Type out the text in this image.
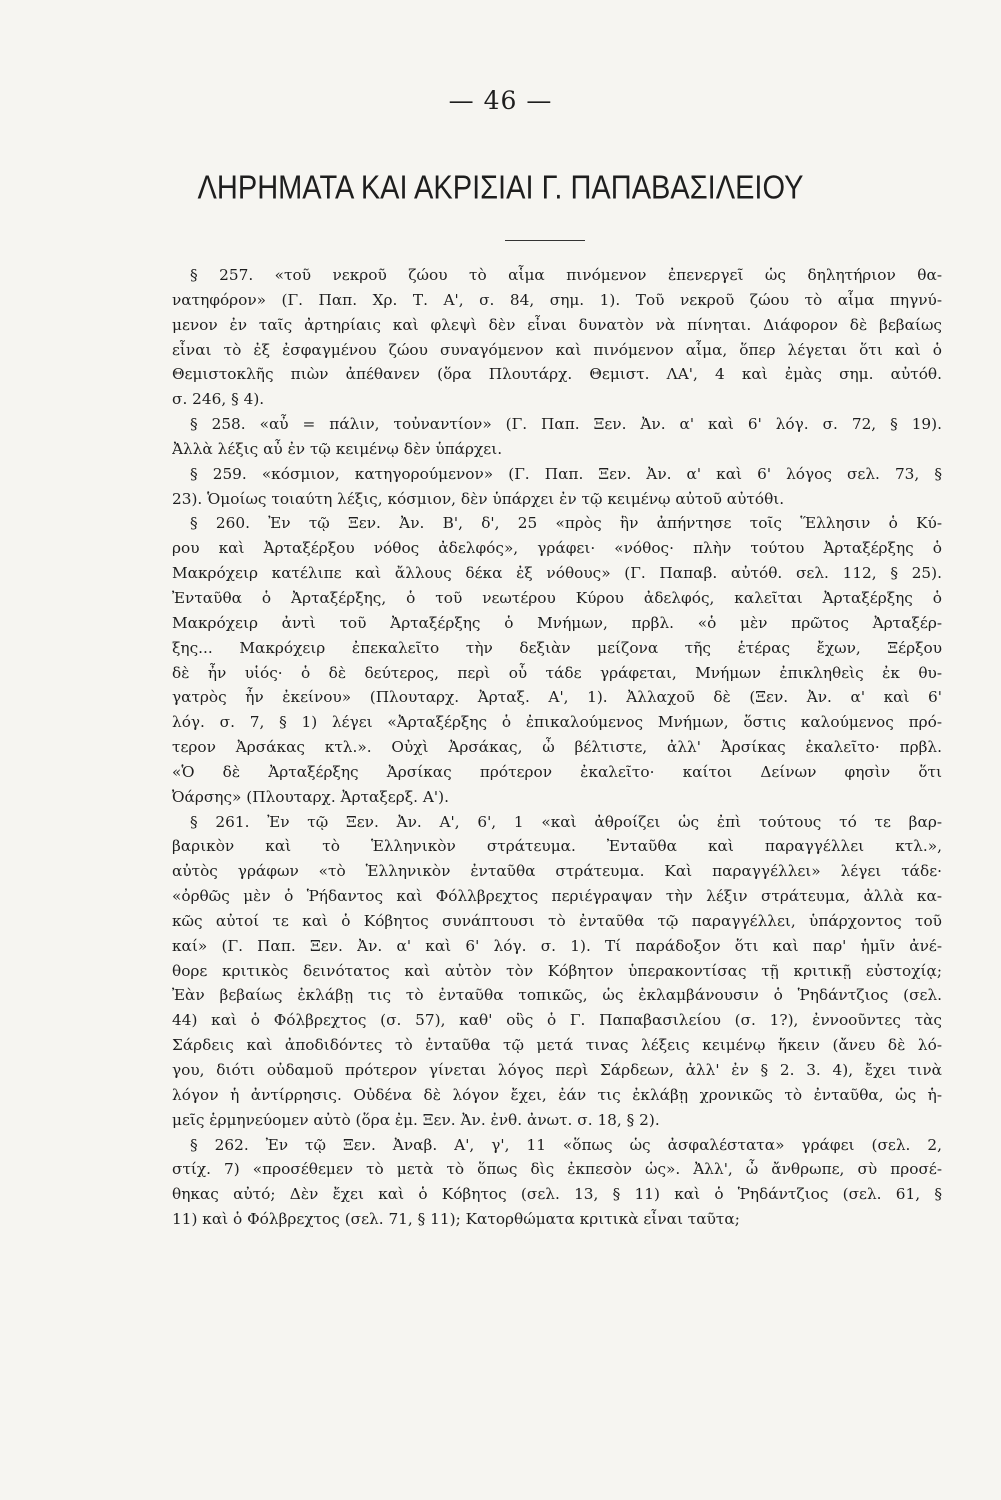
— 46 —
ΛΗΡΗΜΑΤΑ ΚΑΙ ΑΚΡΙΣΙΑΙ Γ. ΠΑΠΑΒΑΣΙΛΕΙΟΥ
§ 257. «τοῦ νεκροῦ ζώου τὸ αἷμα πινόμενον ἐπενεργεῖ ὡς δηλητήριον θα-
νατηφόρον» (Γ. Παπ. Χρ. Τ. Α', σ. 84, σημ. 1). Τοῦ νεκροῦ ζώου τὸ αἷμα πηγνύ-
μενον ἐν ταῖς ἀρτηρίαις καὶ φλεψὶ δὲν εἶναι δυνατὸν νὰ πίνηται. Διάφορον δὲ βεβαίως
εἶναι τὸ ἐξ ἐσφαγμένου ζώου συναγόμενον καὶ πινόμενον αἷμα, ὅπερ λέγεται ὅτι καὶ ὁ
Θεμιστοκλῆς πιὼν ἀπέθανεν (ὅρα Πλουτάρχ. Θεμιστ. ΛΑ', 4 καὶ ἐμὰς σημ. αὐτόθ.
σ. 246, § 4).
§ 258. «αὖ = πάλιν, τοὐναντίον» (Γ. Παπ. Ξεν. Ἀν. α' καὶ 6' λόγ. σ. 72, § 19).
Ἀλλὰ λέξις αὖ ἐν τῷ κειμένῳ δὲν ὑπάρχει.
§ 259. «κόσμιον, κατηγορούμενον» (Γ. Παπ. Ξεν. Ἀν. α' καὶ 6' λόγος σελ. 73, §
23). Ὁμοίως τοιαύτη λέξις, κόσμιον, δὲν ὑπάρχει ἐν τῷ κειμένῳ αὐτοῦ αὐτόθι.
§ 260. Ἐν τῷ Ξεν. Ἀν. Β', δ', 25 «πρὸς ἣν ἀπήντησε τοῖς Ἕλλησιν ὁ Κύ-
ρου καὶ Ἀρταξέρξου νόθος ἀδελφός», γράφει· «νόθος· πλὴν τούτου Ἀρταξέρξης ὁ
Μακρόχειρ κατέλιπε καὶ ἄλλους δέκα ἐξ νόθους» (Γ. Παπαβ. αὐτόθ. σελ. 112, § 25).
Ἐνταῦθα ὁ Ἀρταξέρξης, ὁ τοῦ νεωτέρου Κύρου ἀδελφός, καλεῖται Ἀρταξέρξης ὁ
Μακρόχειρ ἀντὶ τοῦ Ἀρταξέρξης ὁ Μνήμων, πρβλ. «ὁ μὲν πρῶτος Ἀρταξέρ-
ξης... Μακρόχειρ ἐπεκαλεῖτο τὴν δεξιὰν μείζονα τῆς ἑτέρας ἔχων, Ξέρξου
δὲ ἦν υἱός· ὁ δὲ δεύτερος, περὶ οὗ τάδε γράφεται, Μνήμων ἐπικληθεὶς ἐκ θυ-
γατρὸς ἦν ἐκείνου» (Πλουταρχ. Ἀρταξ. Α', 1). Ἀλλαχοῦ δὲ (Ξεν. Ἀν. α' καὶ 6'
λόγ. σ. 7, § 1) λέγει «Ἀρταξέρξης ὁ ἐπικαλούμενος Μνήμων, ὅστις καλούμενος πρό-
τερον Ἀρσάκας κτλ.». Οὐχὶ Ἀρσάκας, ὦ βέλτιστε, ἀλλ' Ἀρσίκας ἐκαλεῖτο· πρβλ.
«Ὁ δὲ Ἀρταξέρξης Ἀρσίκας πρότερον ἐκαλεῖτο· καίτοι Δείνων φησὶν ὅτι
Ὀάρσης» (Πλουταρχ. Ἀρταξερξ. Α').
§ 261. Ἐν τῷ Ξεν. Ἀν. Α', 6', 1 «καὶ ἀθροίζει ὡς ἐπὶ τούτους τό τε βαρ-
βαρικὸν καὶ τὸ Ἑλληνικὸν στράτευμα. Ἐνταῦθα καὶ παραγγέλλει κτλ.»,
αὐτὸς γράφων «τὸ Ἑλληνικὸν ἐνταῦθα στράτευμα. Καὶ παραγγέλλει» λέγει τάδε·
«ὀρθῶς μὲν ὁ Ῥήδαντος καὶ Φόλλβρεχτος περιέγραψαν τὴν λέξιν στράτευμα, ἀλλὰ κα-
κῶς αὐτοί τε καὶ ὁ Κόβητος συνάπτουσι τὸ ἐνταῦθα τῷ παραγγέλλει, ὑπάρχοντος τοῦ
καί» (Γ. Παπ. Ξεν. Ἀν. α' καὶ 6' λόγ. σ. 1). Τί παράδοξον ὅτι καὶ παρ' ἡμῖν ἀνέ-
θορε κριτικὸς δεινότατος καὶ αὐτὸν τὸν Κόβητον ὑπερακοντίσας τῇ κριτικῇ εὐστοχίᾳ;
Ἐὰν βεβαίως ἐκλάβῃ τις τὸ ἐνταῦθα τοπικῶς, ὡς ἐκλαμβάνουσιν ὁ Ῥηδάντζιος (σελ.
44) καὶ ὁ Φόλβρεχτος (σ. 57), καθ' οὓς ὁ Γ. Παπαβασιλείου (σ. 1?), ἐννοοῦντες τὰς
Σάρδεις καὶ ἀποδιδόντες τὸ ἐνταῦθα τῷ μετά τινας λέξεις κειμένῳ ἥκειν (ἄνευ δὲ λό-
γου, διότι οὐδαμοῦ πρότερον γίνεται λόγος περὶ Σάρδεων, ἀλλ' ἐν § 2. 3. 4), ἔχει τινὰ
λόγον ἡ ἀντίρρησις. Οὐδένα δὲ λόγον ἔχει, ἐάν τις ἐκλάβῃ χρονικῶς τὸ ἐνταῦθα, ὡς ἡ-
μεῖς ἑρμηνεύομεν αὐτὸ (ὅρα ἐμ. Ξεν. Ἀν. ἐνθ. ἀνωτ. σ. 18, § 2).
§ 262. Ἐν τῷ Ξεν. Ἀναβ. Α', γ', 11 «ὅπως ὡς ἀσφαλέστατα» γράφει (σελ. 2,
στίχ. 7) «προσέθεμεν τὸ μετὰ τὸ ὅπως δὶς ἐκπεσὸν ὡς». Ἀλλ', ὦ ἄνθρωπε, σὺ προσέ-
θηκας αὐτό; Δὲν ἔχει καὶ ὁ Κόβητος (σελ. 13, § 11) καὶ ὁ Ῥηδάντζιος (σελ. 61, §
11) καὶ ὁ Φόλβρεχτος (σελ. 71, § 11); Κατορθώματα κριτικὰ εἶναι ταῦτα;
